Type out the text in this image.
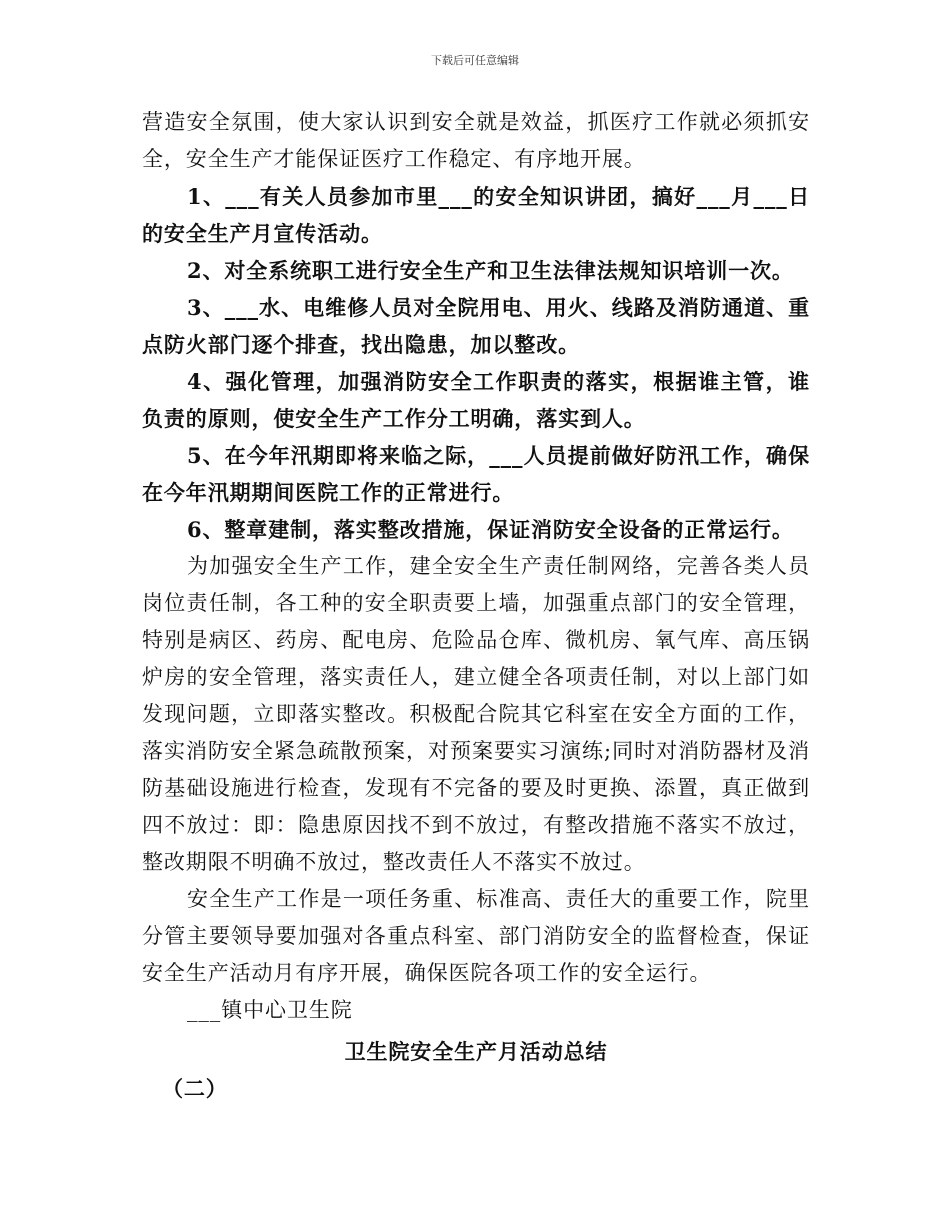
下载后可任意编辑

营造安全氛围，使大家认识到安全就是效益，抓医疗工作就必须抓安全，安全生产才能保证医疗工作稳定、有序地开展。

1、___有关人员参加市里___的安全知识讲团，搞好___月___日的安全生产月宣传活动。

2、对全系统职工进行安全生产和卫生法律法规知识培训一次。

3、___水、电维修人员对全院用电、用火、线路及消防通道、重点防火部门逐个排查，找出隐患，加以整改。

4、强化管理，加强消防安全工作职责的落实，根据谁主管，谁负责的原则，使安全生产工作分工明确，落实到人。

5、在今年汛期即将来临之际，___人员提前做好防汛工作，确保在今年汛期期间医院工作的正常进行。

6、整章建制，落实整改措施，保证消防安全设备的正常运行。

为加强安全生产工作，建全安全生产责任制网络，完善各类人员岗位责任制，各工种的安全职责要上墙，加强重点部门的安全管理，特别是病区、药房、配电房、危险品仓库、微机房、氧气库、高压锅炉房的安全管理，落实责任人，建立健全各项责任制，对以上部门如发现问题，立即落实整改。积极配合院其它科室在安全方面的工作，落实消防安全紧急疏散预案，对预案要实习演练;同时对消防器材及消防基础设施进行检查，发现有不完备的要及时更换、添置，真正做到四不放过：即：隐患原因找不到不放过，有整改措施不落实不放过，整改期限不明确不放过，整改责任人不落实不放过。

安全生产工作是一项任务重、标准高、责任大的重要工作，院里分管主要领导要加强对各重点科室、部门消防安全的监督检查，保证安全生产活动月有序开展，确保医院各项工作的安全运行。

___镇中心卫生院

卫生院安全生产月活动总结

（二）
